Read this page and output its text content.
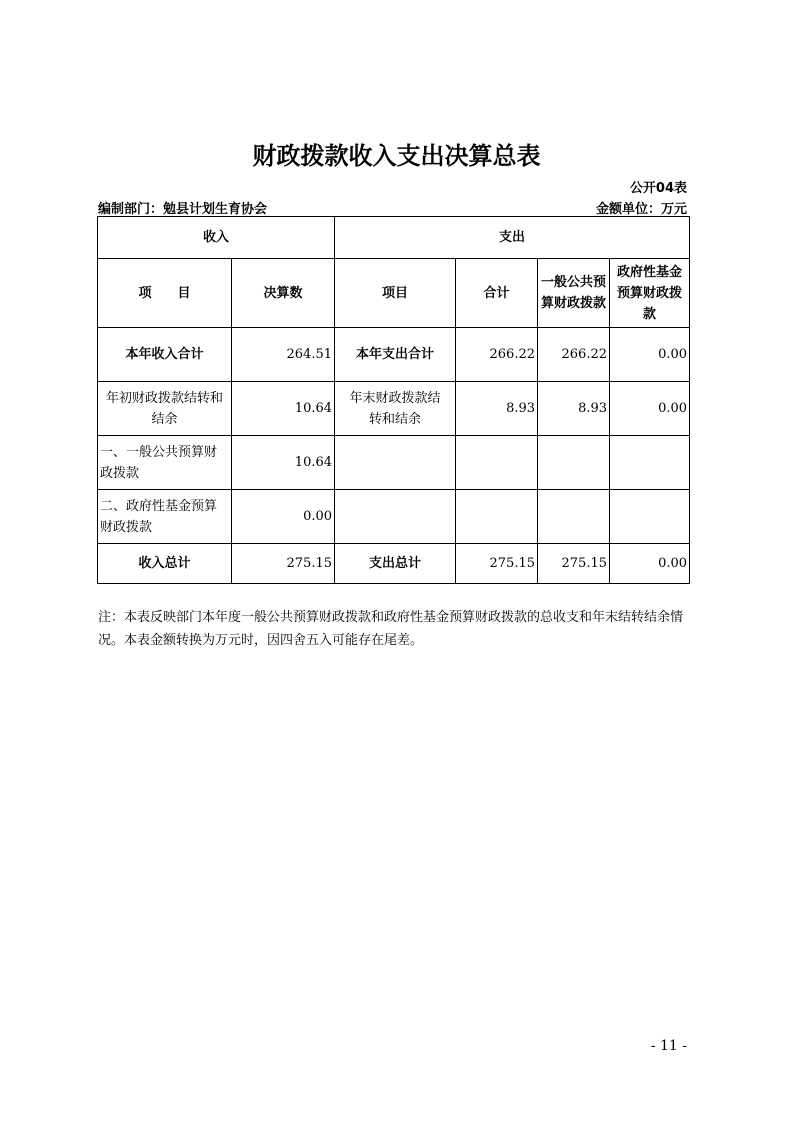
财政拨款收入支出决算总表
公开04表
编制部门：勉县计划生育协会	金额单位：万元
收入		支出			
项　　目	决算数	项目	合计	一般公共预算财政拨款	政府性基金预算财政拨款
本年收入合计	264.51	本年支出合计	266.22	266.22	0.00
年初财政拨款结转和结余	10.64	年末财政拨款结转和结余	8.93	8.93	0.00
一、一般公共预算财政拨款	10.64				
二、政府性基金预算财政拨款	0.00				
收入总计	275.15	支出总计	275.15	275.15	0.00
注：本表反映部门本年度一般公共预算财政拨款和政府性基金预算财政拨款的总收支和年末结转结余情况。本表金额转换为万元时，因四舍五入可能存在尾差。
- 11 -
